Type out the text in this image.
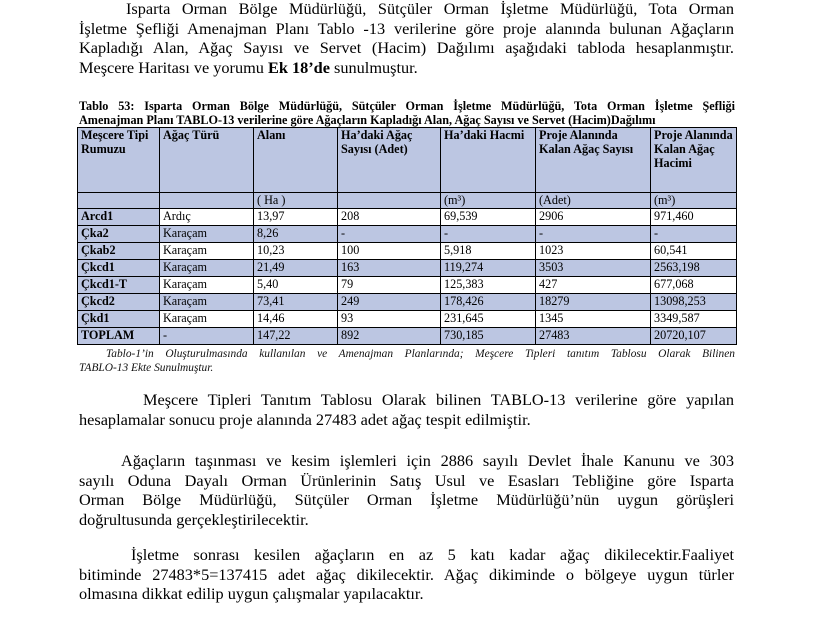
Isparta Orman Bölge Müdürlüğü, Sütçüler Orman İşletme Müdürlüğü, Tota Orman
İşletme Şefliği Amenajman Planı Tablo -13 verilerine göre proje alanında bulunan Ağaçların
Kapladığı Alan, Ağaç Sayısı ve Servet (Hacim) Dağılımı aşağıdaki tabloda hesaplanmıştır.
Meşcere Haritası ve yorumu Ek 18’de sunulmuştur.
Tablo 53: Isparta Orman Bölge Müdürlüğü, Sütçüler Orman İşletme Müdürlüğü, Tota Orman İşletme Şefliği
Amenajman Planı TABLO-13 verilerine göre Ağaçların Kapladığı Alan, Ağaç Sayısı ve Servet (Hacim)Dağılımı
Meşcere Tipi Rumuzu	Ağaç Türü	Alanı	Ha’daki Ağaç Sayısı (Adet)	Ha’daki Hacmi	Proje Alanında Kalan Ağaç Sayısı	Proje Alanında Kalan Ağaç Hacimi
		( Ha )		(m³)	(Adet)	(m³)
Arcd1	Ardıç	13,97	208	69,539	2906	971,460
Çka2	Karaçam	8,26	-	-	-	-
Çkab2	Karaçam	10,23	100	5,918	1023	60,541
Çkcd1	Karaçam	21,49	163	119,274	3503	2563,198
Çkcd1-T	Karaçam	5,40	79	125,383	427	677,068
Çkcd2	Karaçam	73,41	249	178,426	18279	13098,253
Çkd1	Karaçam	14,46	93	231,645	1345	3349,587
TOPLAM	-	147,22	892	730,185	27483	20720,107
Tablo-1’in Oluşturulmasında kullanılan ve Amenajman Planlarında; Meşcere Tipleri tanıtım Tablosu Olarak Bilinen
TABLO-13 Ekte Sunulmuştur.
Meşcere Tipleri Tanıtım Tablosu Olarak bilinen TABLO-13 verilerine göre yapılan
hesaplamalar sonucu proje alanında 27483 adet ağaç tespit edilmiştir.
Ağaçların taşınması ve kesim işlemleri için 2886 sayılı Devlet İhale Kanunu ve 303
sayılı Oduna Dayalı Orman Ürünlerinin Satış Usul ve Esasları Tebliğine göre Isparta
Orman Bölge Müdürlüğü, Sütçüler Orman İşletme Müdürlüğü’nün uygun görüşleri
doğrultusunda gerçekleştirilecektir.
İşletme sonrası kesilen ağaçların en az 5 katı kadar ağaç dikilecektir.Faaliyet
bitiminde 27483*5=137415 adet ağaç dikilecektir. Ağaç dikiminde o bölgeye uygun türler
olmasına dikkat edilip uygun çalışmalar yapılacaktır.
